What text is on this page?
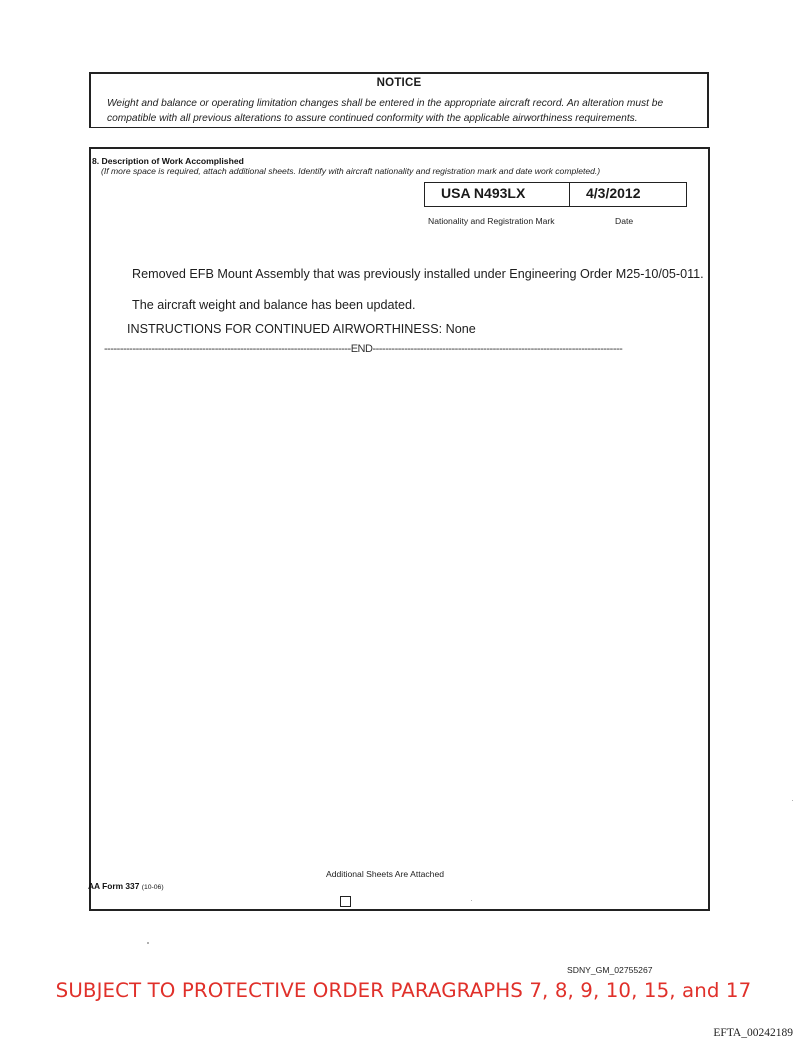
NOTICE
Weight and balance or operating limitation changes shall be entered in the appropriate aircraft record. An alteration must be compatible with all previous alterations to assure continued conformity with the applicable airworthiness requirements.
8. Description of Work Accomplished
(If more space is required, attach additional sheets. Identify with aircraft nationality and registration mark and date work completed.)
USA N493LX	4/3/2012
Nationality and Registration Mark	Date
Removed EFB Mount Assembly that was previously installed under Engineering Order M25-10/05-011.
The aircraft weight and balance has been updated.
INSTRUCTIONS FOR CONTINUED AIRWORTHINESS: None
------------------------------------------------------------------------------END-------------------------------------------------------------------------------
Additional Sheets Are Attached
AA Form 337 (10-06)
SDNY_GM_02755267
SUBJECT TO PROTECTIVE ORDER PARAGRAPHS 7, 8, 9, 10, 15, and 17
EFTA_00242189
